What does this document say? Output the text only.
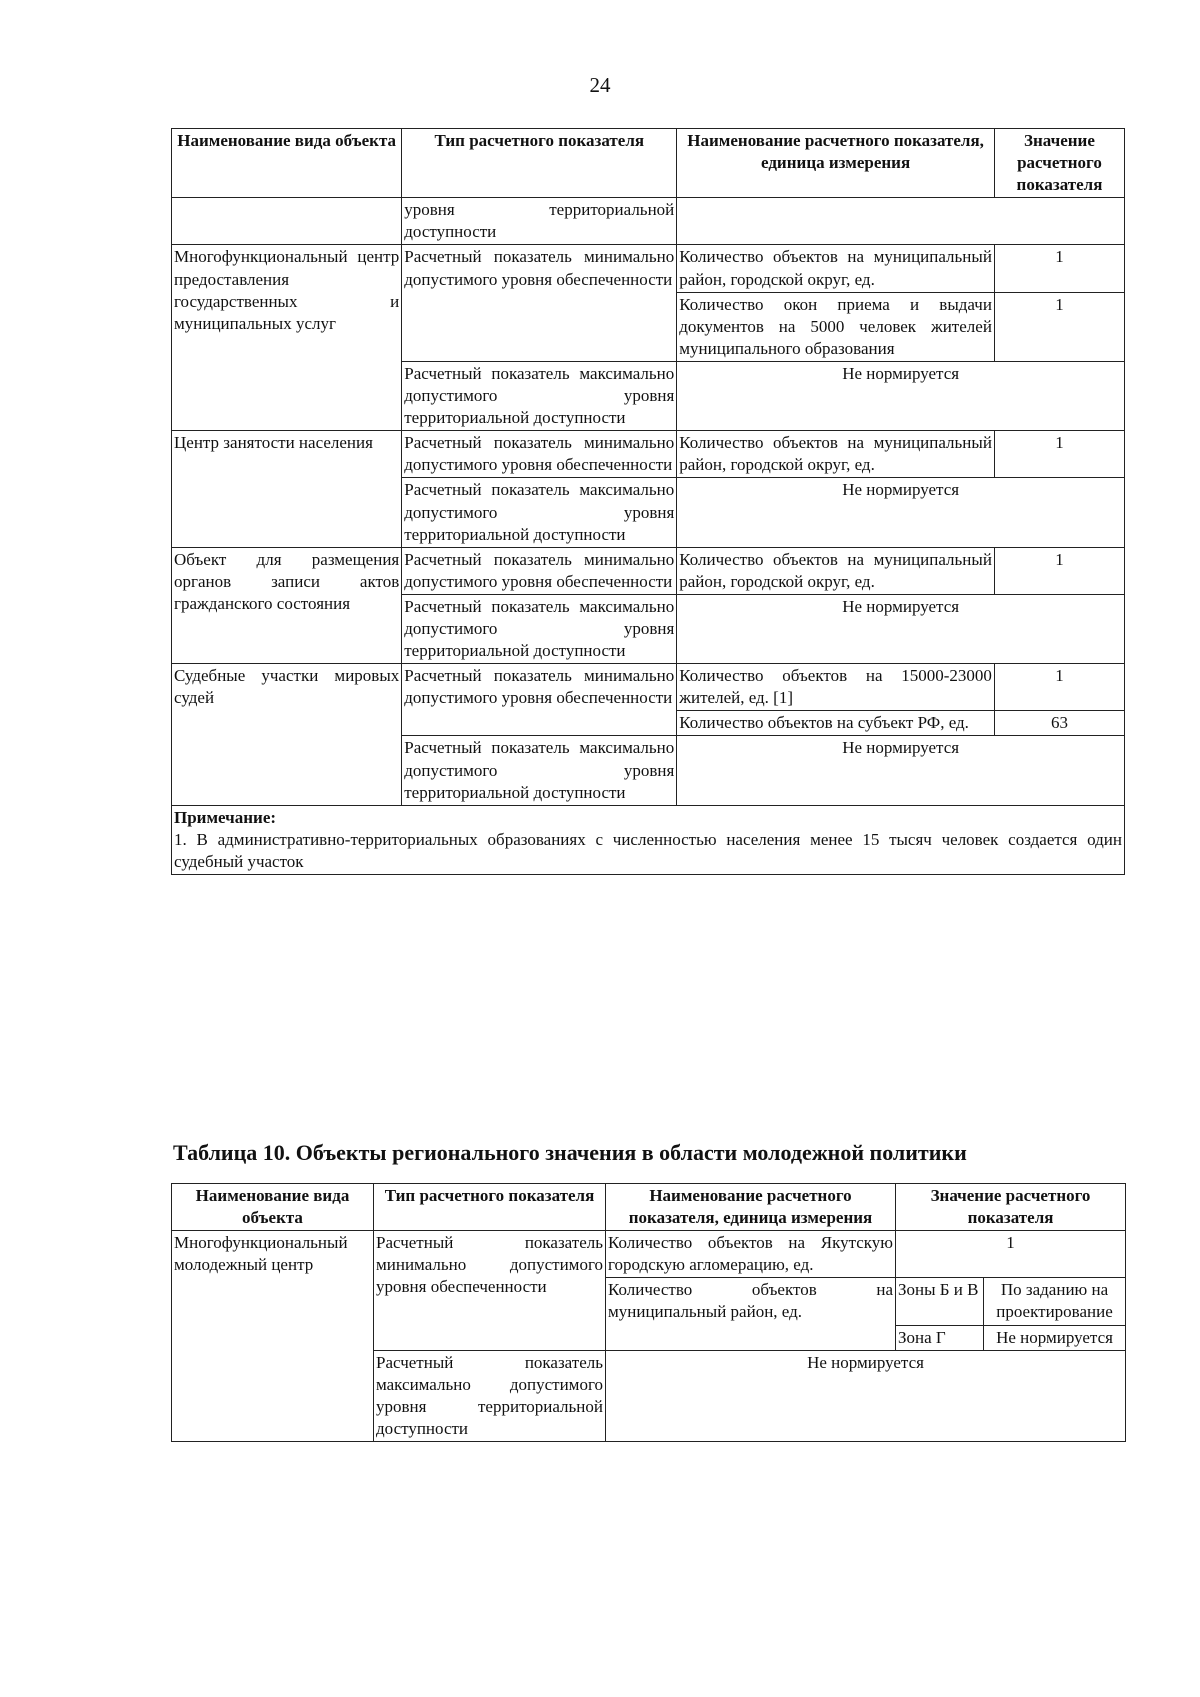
24
Наименование вида объекта	Тип расчетного показателя	Наименование расчетного показателя, единица измерения	Значение расчетного показателя
	уровня территориальной доступности		
Многофункциональный центр предоставления государственных и муниципальных услуг	Расчетный показатель минимально допустимого уровня обеспеченности	Количество объектов на муниципальный район, городской округ, ед.	1
		Количество окон приема и выдачи документов на 5000 человек жителей муниципального образования	1
	Расчетный показатель максимально допустимого уровня территориальной доступности	Не нормируется	
Центр занятости населения	Расчетный показатель минимально допустимого уровня обеспеченности	Количество объектов на муниципальный район, городской округ, ед.	1
	Расчетный показатель максимально допустимого уровня территориальной доступности	Не нормируется	
Объект для размещения органов записи актов гражданского состояния	Расчетный показатель минимально допустимого уровня обеспеченности	Количество объектов на муниципальный район, городской округ, ед.	1
	Расчетный показатель максимально допустимого уровня территориальной доступности	Не нормируется	
Судебные участки мировых судей	Расчетный показатель минимально допустимого уровня обеспеченности	Количество объектов на 15000-23000 жителей, ед. [1]	1
		Количество объектов на субъект РФ, ед.	63
	Расчетный показатель максимально допустимого уровня территориальной доступности	Не нормируется	

Примечание:
1. В административно-территориальных образованиях с численностью населения менее 15 тысяч человек создается один судебный участок			
Таблица 10. Объекты регионального значения в области молодежной политики
Наименование вида объекта	Тип расчетного показателя	Наименование расчетного показателя, единица измерения	Значение расчетного показателя	
Многофункциональный молодежный центр	Расчетный показатель минимально допустимого уровня обеспеченности	Количество объектов на Якутскую городскую агломерацию, ед.	1	
		Количество объектов на муниципальный район, ед.	Зоны Б и В	По заданию на проектирование
			Зона Г	Не нормируется
	Расчетный показатель максимально допустимого уровня территориальной доступности	Не нормируется		
